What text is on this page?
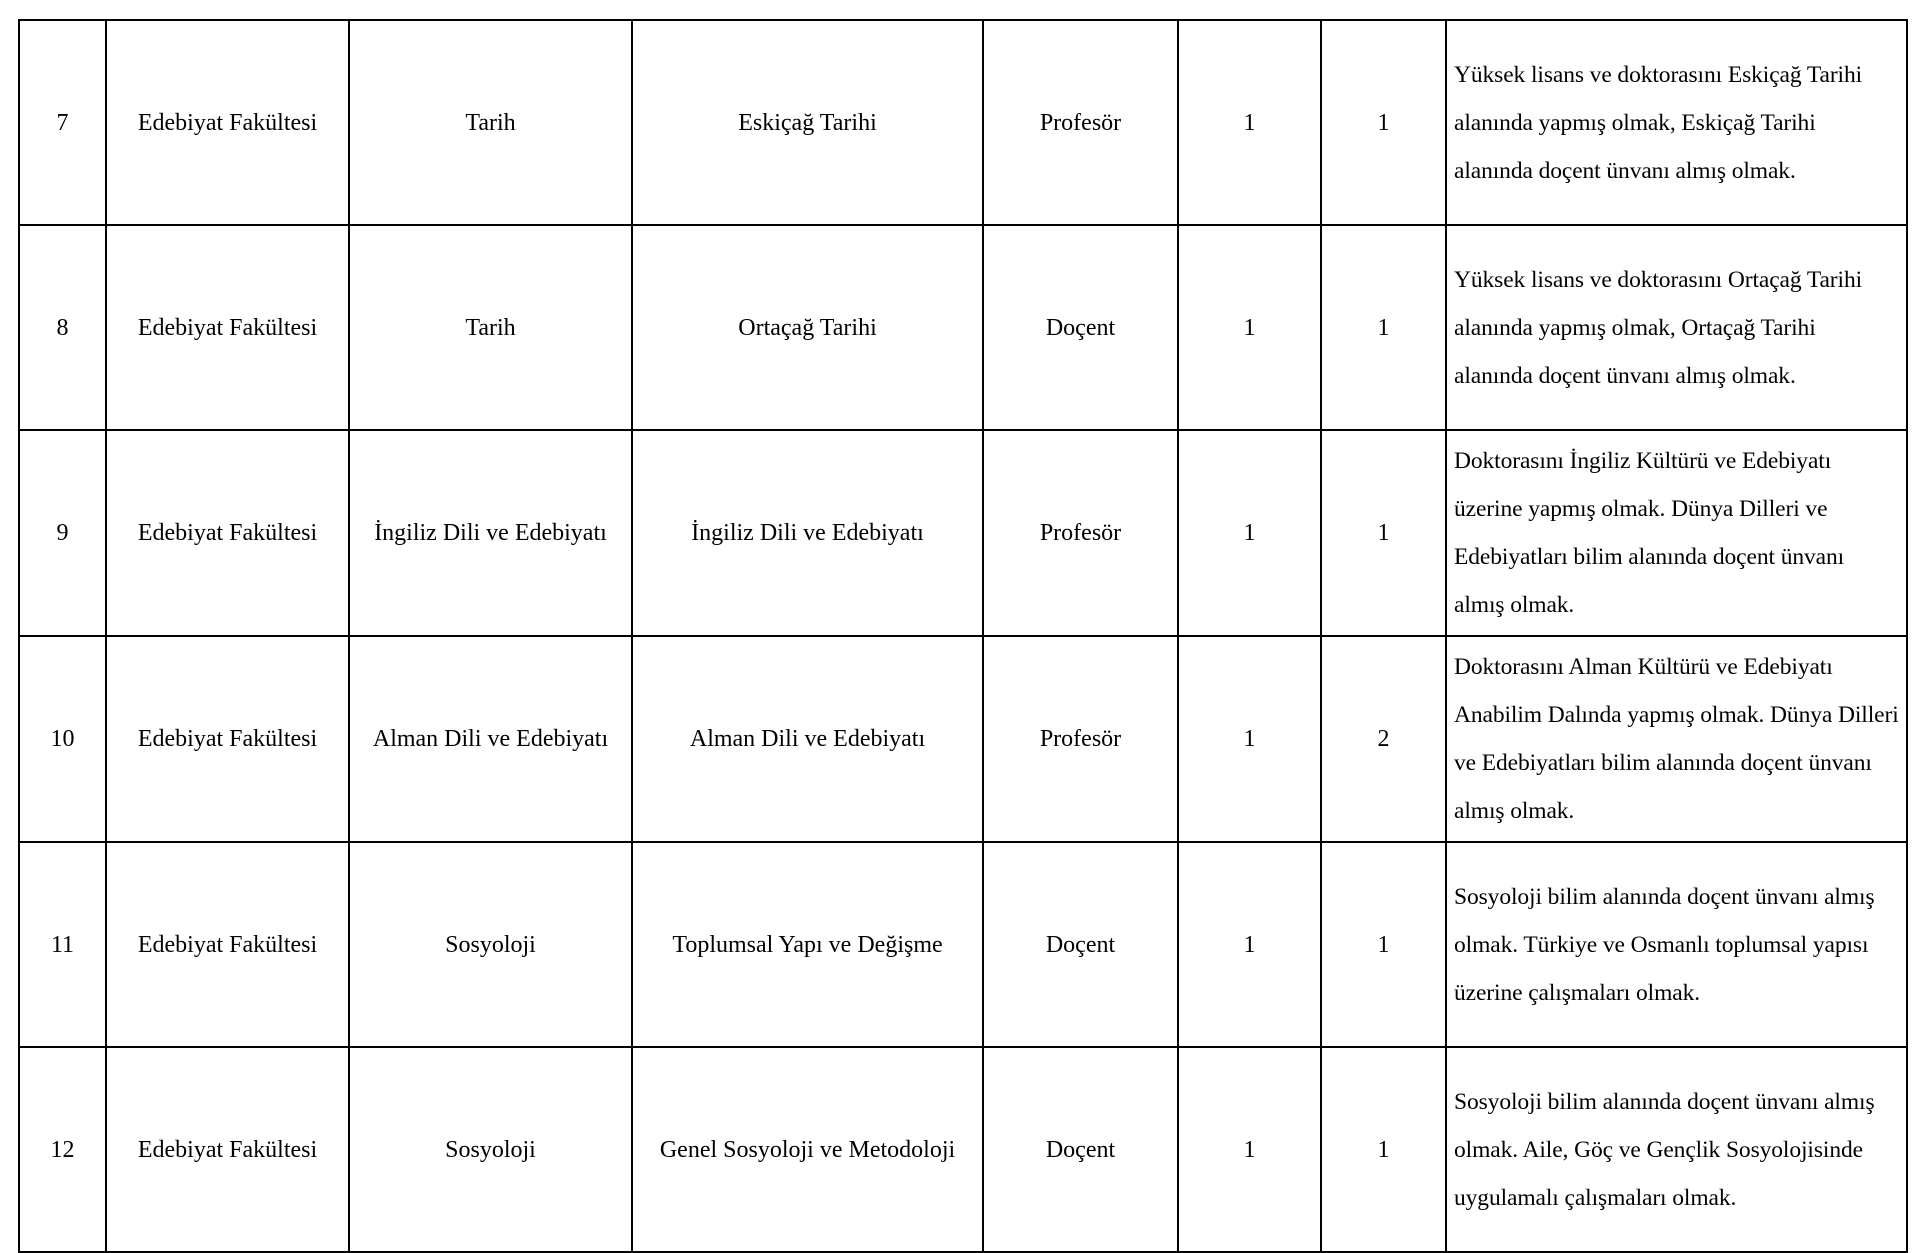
7	Edebiyat Fakültesi	Tarih	Eskiçağ Tarihi	Profesör	1	1	Yüksek lisans ve doktorasını Eskiçağ Tarihi alanında yapmış olmak, Eskiçağ Tarihi alanında doçent ünvanı almış olmak.
8	Edebiyat Fakültesi	Tarih	Ortaçağ Tarihi	Doçent	1	1	Yüksek lisans ve doktorasını Ortaçağ Tarihi alanında yapmış olmak, Ortaçağ Tarihi alanında doçent ünvanı almış olmak.
9	Edebiyat Fakültesi	İngiliz Dili ve Edebiyatı	İngiliz Dili ve Edebiyatı	Profesör	1	1	Doktorasını İngiliz Kültürü ve Edebiyatı üzerine yapmış olmak. Dünya Dilleri ve Edebiyatları bilim alanında doçent ünvanı almış olmak.
10	Edebiyat Fakültesi	Alman Dili ve Edebiyatı	Alman Dili ve Edebiyatı	Profesör	1	2	Doktorasını Alman Kültürü ve Edebiyatı Anabilim Dalında yapmış olmak. Dünya Dilleri ve Edebiyatları bilim alanında doçent ünvanı almış olmak.
11	Edebiyat Fakültesi	Sosyoloji	Toplumsal Yapı ve Değişme	Doçent	1	1	Sosyoloji bilim alanında doçent ünvanı almış olmak. Türkiye ve Osmanlı toplumsal yapısı üzerine çalışmaları olmak.
12	Edebiyat Fakültesi	Sosyoloji	Genel Sosyoloji ve Metodoloji	Doçent	1	1	Sosyoloji bilim alanında doçent ünvanı almış olmak. Aile, Göç ve Gençlik Sosyolojisinde uygulamalı çalışmaları olmak.
